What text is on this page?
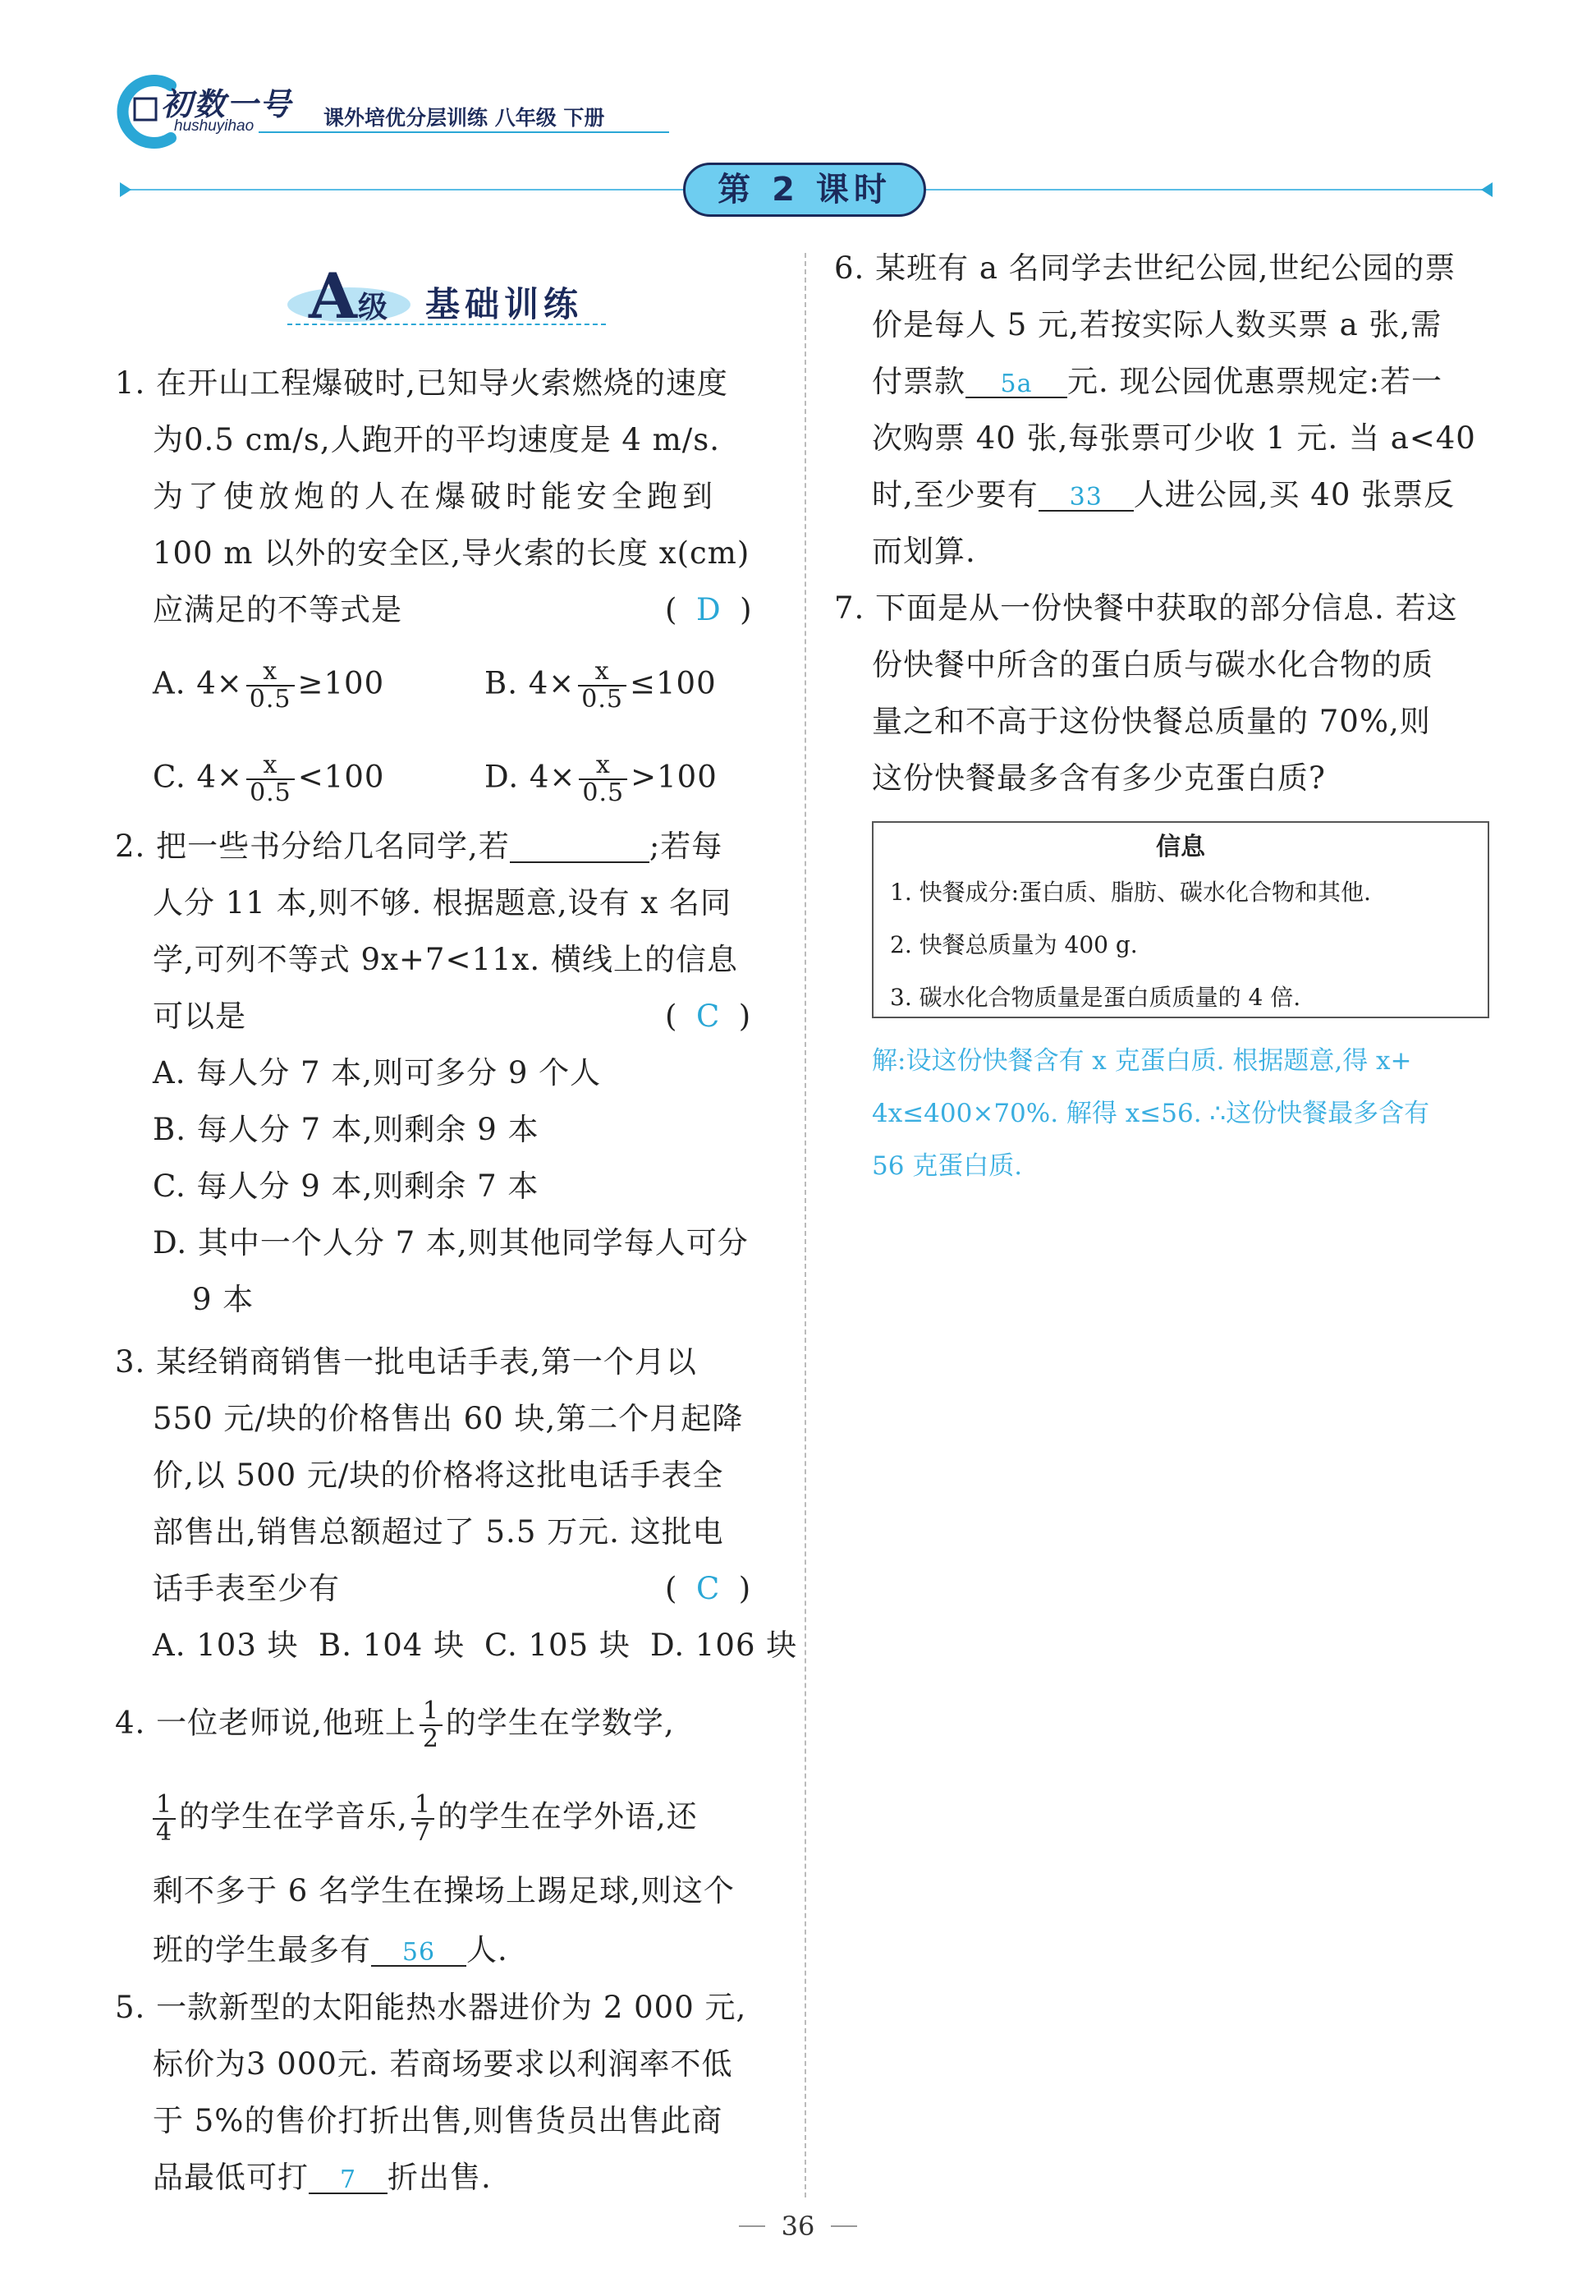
初数一号
hushuyihao	课外培优分层训练 八年级 下册
第 2 课时
A 级 基础训练
1. 在开山工程爆破时,已知导火索燃烧的速度
为0.5 cm/s,人跑开的平均速度是 4 m/s.
为了使放炮的人在爆破时能安全跑到
100 m 以外的安全区,导火索的长度 x(cm)
应满足的不等式是	(  D  )
A. $4\times \frac{x}{0.5} \ge 100$	B. $4\times \frac{x}{0.5} \le 100$
C. $4\times \frac{x}{0.5} <100$	D. $4\times \frac{x}{0.5} >100$
2. 把一些书分给几名同学,若	;若每
人分 11 本,则不够. 根据题意,设有 x 名同
学,可列不等式 9x+7<11x. 横线上的信息
可以是	(  C  )
A. 每人分 7 本,则可多分 9 个人
B. 每人分 7 本,则剩余 9 本
C. 每人分 9 本,则剩余 7 本
D. 其中一个人分 7 本,则其他同学每人可分
9 本
3. 某经销商销售一批电话手表,第一个月以
550 元/块的价格售出 60 块,第二个月起降
价,以 500 元/块的价格将这批电话手表全
部售出,销售总额超过了 5.5 万元. 这批电
话手表至少有	(  C  )
A. 103 块 B. 104 块 C. 105 块 D. 106 块
4. 一位老师说,他班上 $\frac{1}{2}$ 的学生在学数学,
$\frac{1}{4}$ 的学生在学音乐, $\frac{1}{7}$ 的学生在学外语,还
剩不多于 6 名学生在操场上踢足球,则这个
班的学生最多有 56 人.
5. 一款新型的太阳能热水器进价为 2 000 元,
标价为3 000元. 若商场要求以利润率不低
于 5%的售价打折出售,则售货员出售此商
品最低可打 7 折出售.
6. 某班有 a 名同学去世纪公园,世纪公园的票
价是每人 5 元,若按实际人数买票 a 张,需
付票款 5a 元. 现公园优惠票规定:若一
次购票 40 张,每张票可少收 1 元. 当 a<40
时,至少要有 33 人进公园,买 40 张票反
而划算.
7. 下面是从一份快餐中获取的部分信息. 若这
份快餐中所含的蛋白质与碳水化合物的质
量之和不高于这份快餐总质量的 70%,则
这份快餐最多含有多少克蛋白质?
信息
1. 快餐成分:蛋白质、脂肪、碳水化合物和其他.
2. 快餐总质量为 400 g.
3. 碳水化合物质量是蛋白质质量的 4 倍.
解:设这份快餐含有 x 克蛋白质. 根据题意,得 x+
4x≤400×70%. 解得 x≤56. ∴这份快餐最多含有
56 克蛋白质.
36
